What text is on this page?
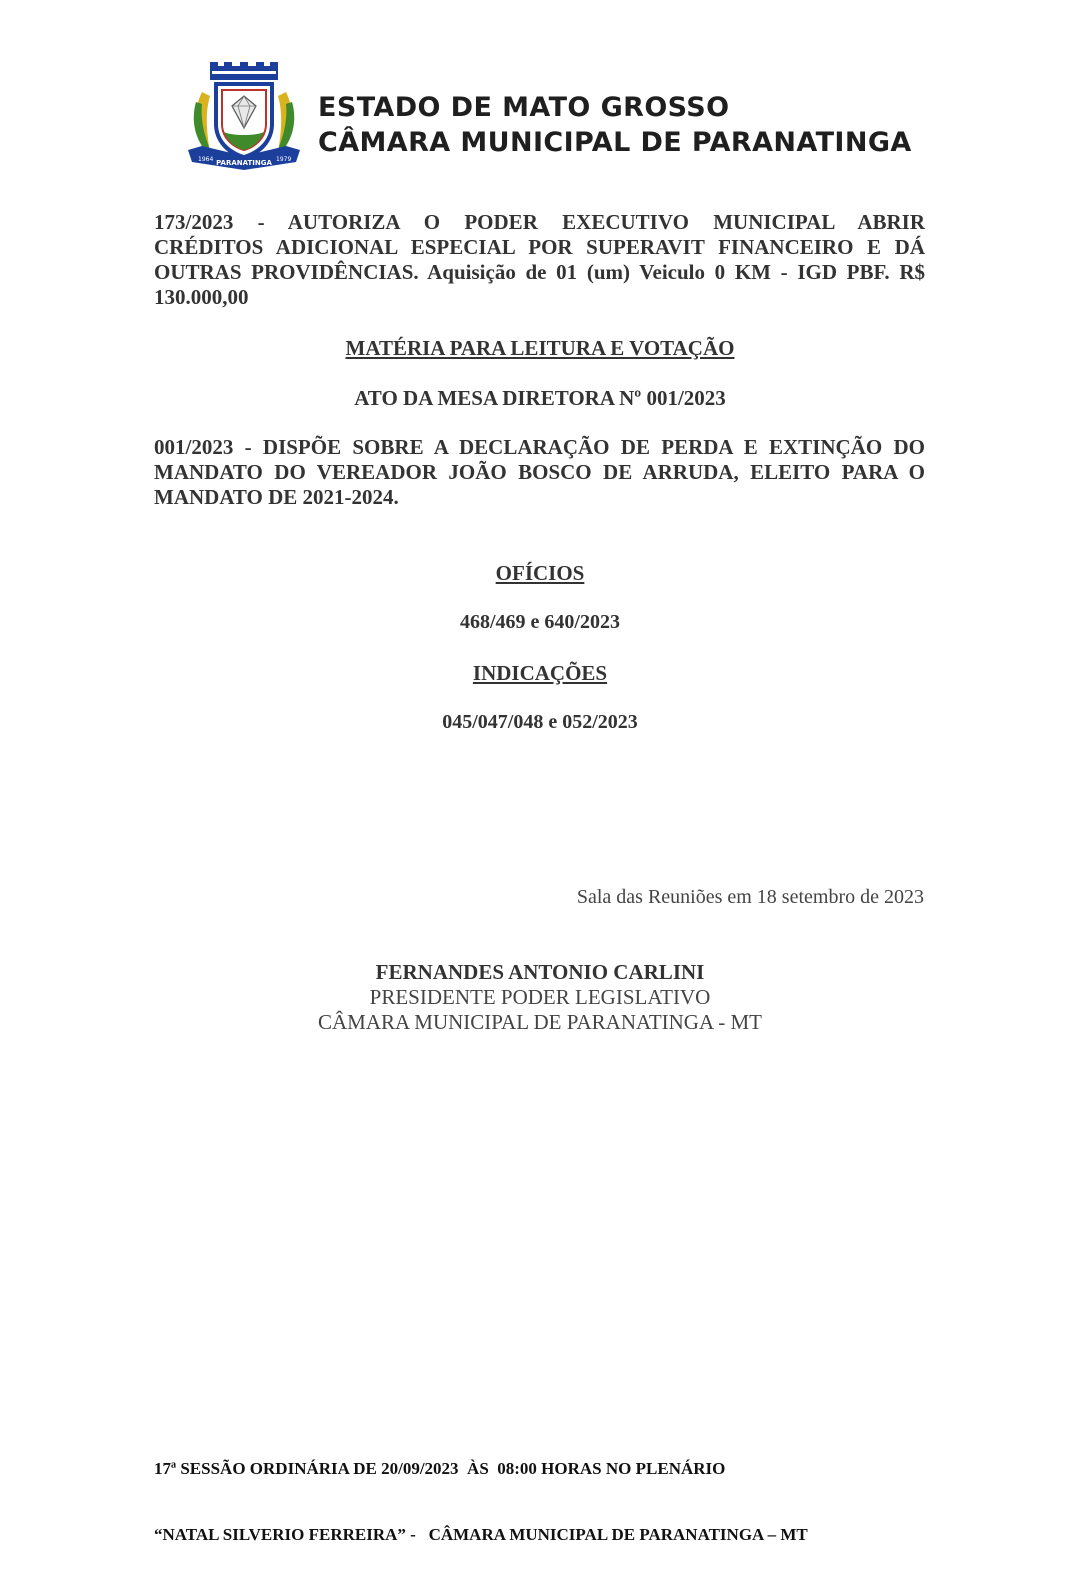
1964 PARANATINGA 1979
ESTADO DE MATO GROSSO
CÂMARA MUNICIPAL DE PARANATINGA
173/2023 - AUTORIZA O PODER EXECUTIVO MUNICIPAL ABRIR
CRÉDITOS ADICIONAL ESPECIAL POR SUPERAVIT FINANCEIRO E DÁ
OUTRAS PROVIDÊNCIAS. Aquisição de 01 (um) Veiculo 0 KM - IGD PBF. R$
130.000,00
MATÉRIA PARA LEITURA E VOTAÇÃO
ATO DA MESA DIRETORA Nº 001/2023
001/2023 - DISPÕE SOBRE A DECLARAÇÃO DE PERDA E EXTINÇÃO DO
MANDATO DO VEREADOR JOÃO BOSCO DE ARRUDA, ELEITO PARA O
MANDATO DE 2021-2024.
OFÍCIOS
468/469 e 640/2023
INDICAÇÕES
045/047/048 e 052/2023
Sala das Reuniões em 18 setembro de 2023
FERNANDES ANTONIO CARLINI
PRESIDENTE PODER LEGISLATIVO
CÂMARA MUNICIPAL DE PARANATINGA - MT

17ª SESSÃO ORDINÁRIA DE 20/09/2023  ÀS  08:00 HORAS NO PLENÁRIO

“NATAL SILVERIO FERREIRA” -   CÂMARA MUNICIPAL DE PARANATINGA – MT
